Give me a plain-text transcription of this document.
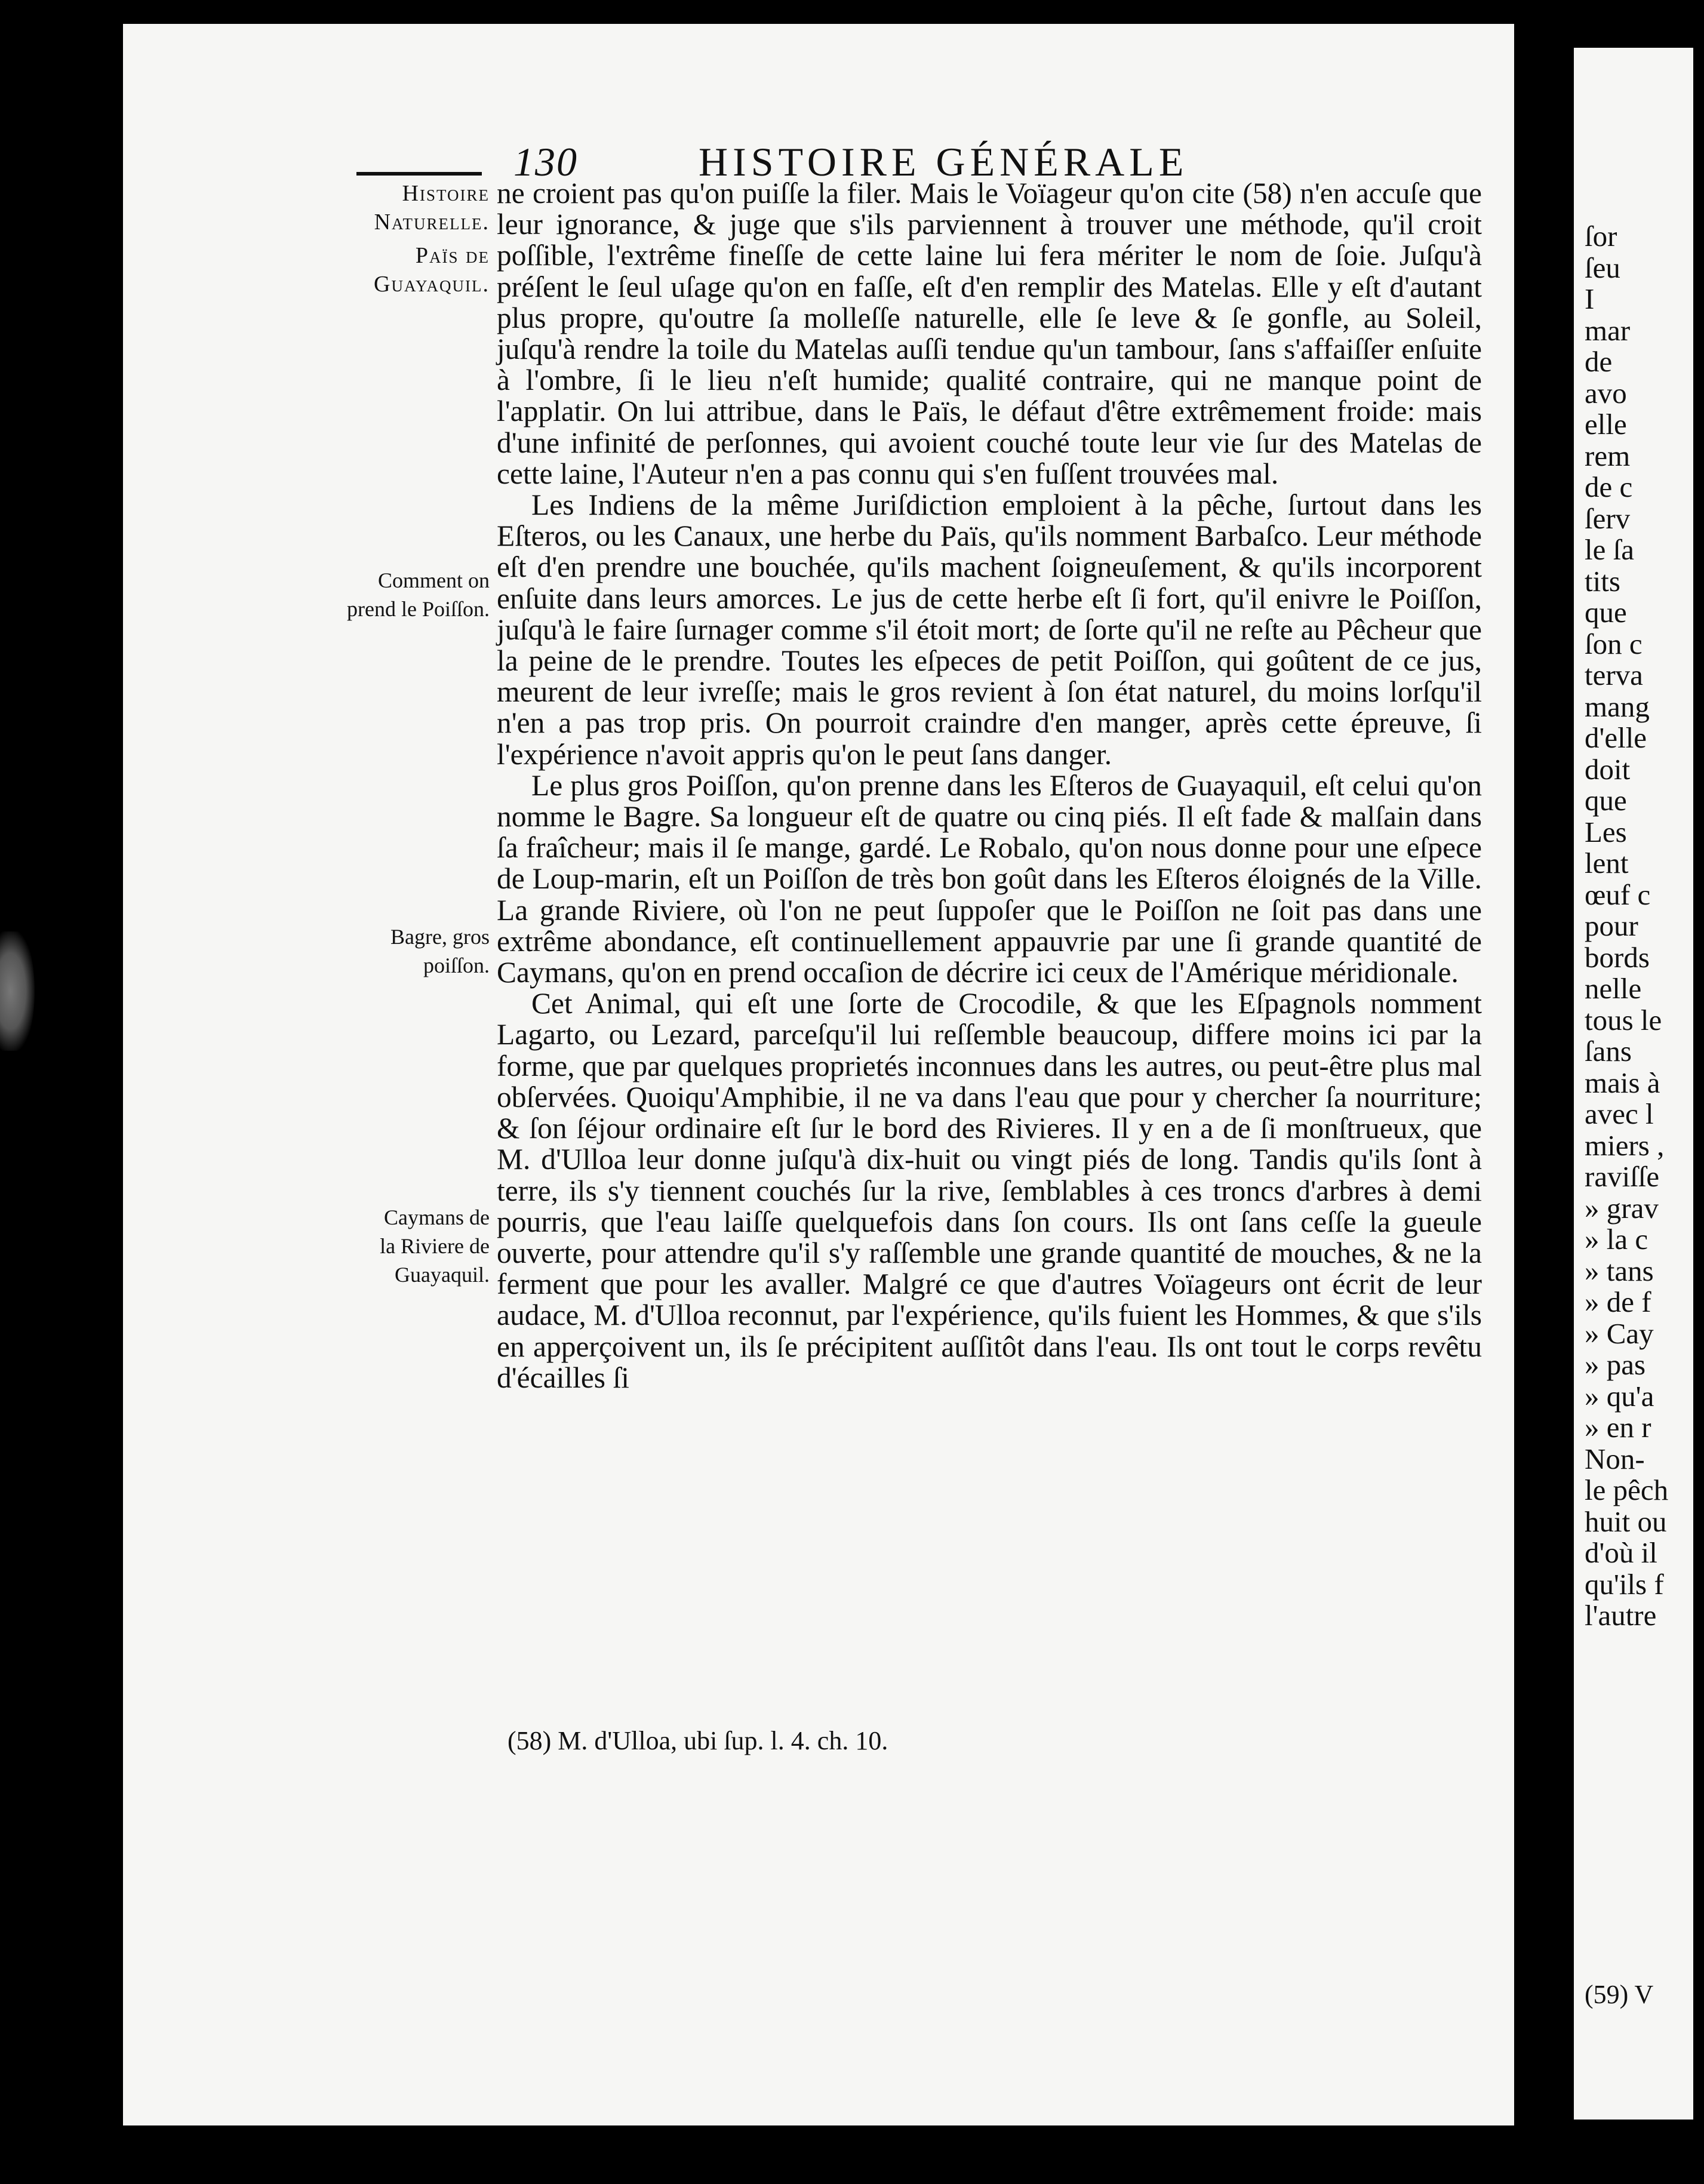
ſor
ſeu
I
mar
de
avo
elle
rem
de c
ſerv
le ſa
tits
que
ſon c
terva
mang
d'elle
doit
que
Les
lent
œuf c
pour
bords
nelle
tous le
ſans
mais à
avec l
miers ,
raviſſe
» grav
» la c
» tans
» de f
» Cay
» pas
» qu'a
» en r
Non-
le pêch
huit ou
d'où il
qu'ils f
l'autre
(59) V
130	HISTOIRE GÉNÉRALE
Histoire
Naturelle.
Païs de
Guayaquil.
Comment on
prend le Poiſſon.
Bagre, gros
poiſſon.
Caymans de
la Riviere de
Guayaquil.

ne croient pas qu'on puiſſe la filer. Mais le Voïageur qu'on cite (58) n'en accuſe que leur ignorance, & juge que s'ils parviennent à trouver une méthode, qu'il croit poſſible, l'extrême fineſſe de cette laine lui fera mériter le nom de ſoie. Juſqu'à préſent le ſeul uſage qu'on en faſſe, eſt d'en remplir des Matelas. Elle y eſt d'autant plus propre, qu'outre ſa molleſſe naturelle, elle ſe leve & ſe gonfle, au Soleil, juſqu'à rendre la toile du Matelas auſſi tendue qu'un tambour, ſans s'affaiſſer enſuite à l'ombre, ſi le lieu n'eſt humide; qualité contraire, qui ne manque point de l'applatir. On lui attribue, dans le Païs, le défaut d'être extrêmement froide: mais d'une infinité de perſonnes, qui avoient couché toute leur vie ſur des Matelas de cette laine, l'Auteur n'en a pas connu qui s'en fuſſent trouvées mal.

Les Indiens de la même Juriſdiction emploient à la pêche, ſurtout dans les Eſteros, ou les Canaux, une herbe du Païs, qu'ils nomment Barbaſco. Leur méthode eſt d'en prendre une bouchée, qu'ils machent ſoigneuſement, & qu'ils incorporent enſuite dans leurs amorces. Le jus de cette herbe eſt ſi fort, qu'il enivre le Poiſſon, juſqu'à le faire ſurnager comme s'il étoit mort; de ſorte qu'il ne reſte au Pêcheur que la peine de le prendre. Toutes les eſpeces de petit Poiſſon, qui goûtent de ce jus, meurent de leur ivreſſe; mais le gros revient à ſon état naturel, du moins lorſqu'il n'en a pas trop pris. On pourroit craindre d'en manger, après cette épreuve, ſi l'expérience n'avoit appris qu'on le peut ſans danger.

Le plus gros Poiſſon, qu'on prenne dans les Eſteros de Guayaquil, eſt celui qu'on nomme le Bagre. Sa longueur eſt de quatre ou cinq piés. Il eſt fade & malſain dans ſa fraîcheur; mais il ſe mange, gardé. Le Robalo, qu'on nous donne pour une eſpece de Loup-marin, eſt un Poiſſon de très bon goût dans les Eſteros éloignés de la Ville. La grande Riviere, où l'on ne peut ſuppoſer que le Poiſſon ne ſoit pas dans une extrême abondance, eſt continuellement appauvrie par une ſi grande quantité de Caymans, qu'on en prend occaſion de décrire ici ceux de l'Amérique méridionale.

Cet Animal, qui eſt une ſorte de Crocodile, & que les Eſpagnols nomment Lagarto, ou Lezard, parceſqu'il lui reſſemble beaucoup, differe moins ici par la forme, que par quelques proprietés inconnues dans les autres, ou peut-être plus mal obſervées. Quoiqu'Amphibie, il ne va dans l'eau que pour y chercher ſa nourriture; & ſon ſéjour ordinaire eſt ſur le bord des Rivieres. Il y en a de ſi monſtrueux, que M. d'Ulloa leur donne juſqu'à dix-huit ou vingt piés de long. Tandis qu'ils ſont à terre, ils s'y tiennent couchés ſur la rive, ſemblables à ces troncs d'arbres à demi pourris, que l'eau laiſſe quelquefois dans ſon cours. Ils ont ſans ceſſe la gueule ouverte, pour attendre qu'il s'y raſſemble une grande quantité de mouches, & ne la ferment que pour les avaller. Malgré ce que d'autres Voïageurs ont écrit de leur audace, M. d'Ulloa reconnut, par l'expérience, qu'ils fuient les Hommes, & que s'ils en apperçoivent un, ils ſe précipitent auſſitôt dans l'eau. Ils ont tout le corps revêtu d'écailles ſi

(58) M. d'Ulloa, ubi ſup. l. 4. ch. 10.
